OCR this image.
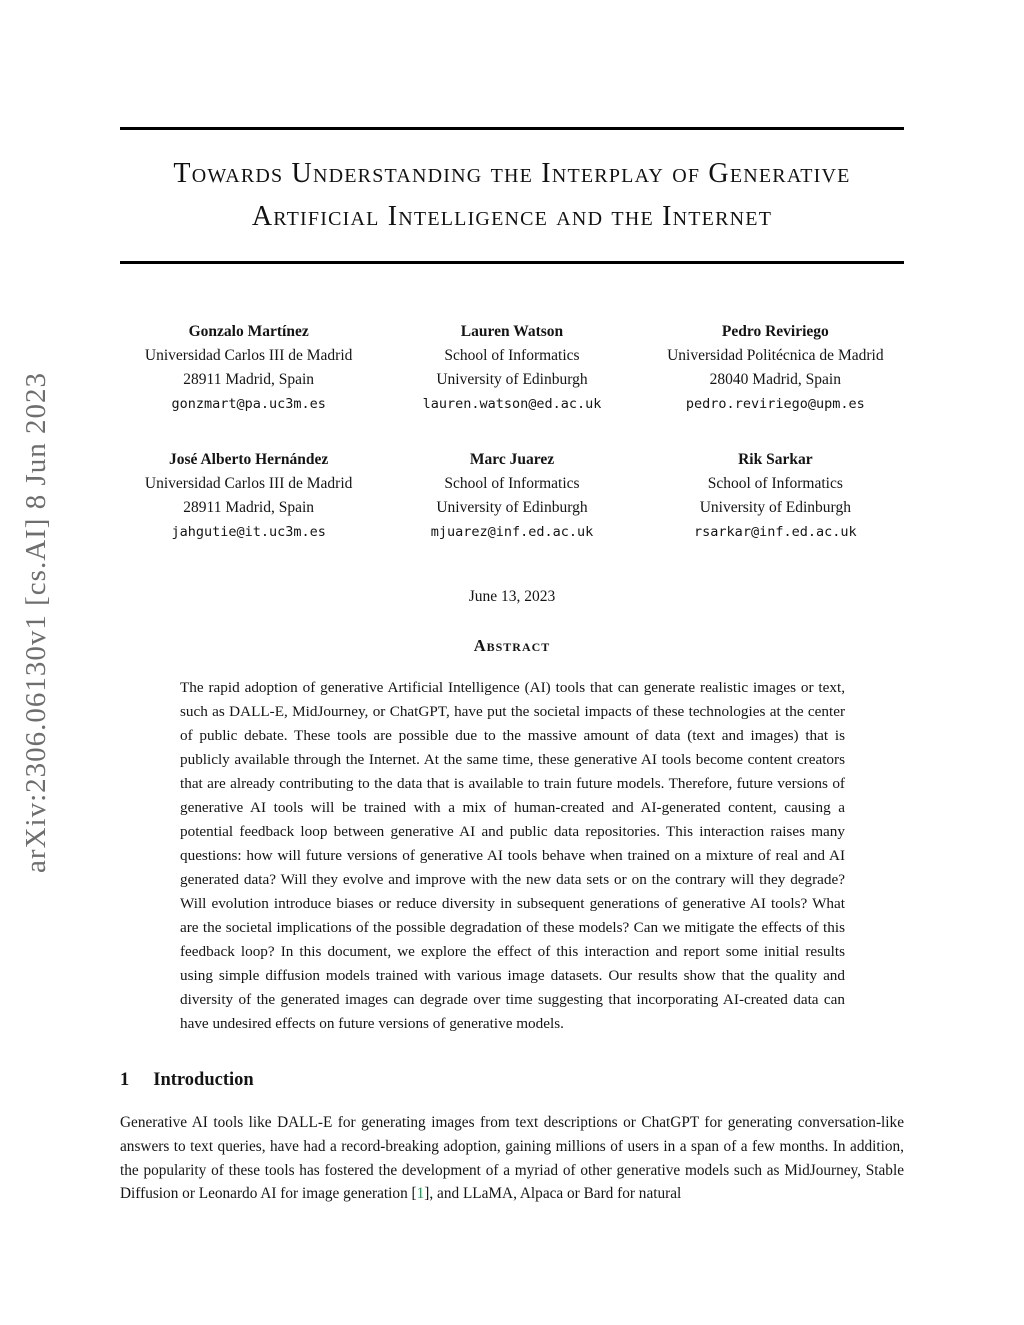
arXiv:2306.06130v1 [cs.AI] 8 Jun 2023
Towards Understanding the Interplay of Generative
Artificial Intelligence and the Internet
Gonzalo Martínez
Universidad Carlos III de Madrid
28911 Madrid, Spain
gonzmart@pa.uc3m.es
Lauren Watson
School of Informatics
University of Edinburgh
lauren.watson@ed.ac.uk
Pedro Reviriego
Universidad Politécnica de Madrid
28040 Madrid, Spain
pedro.reviriego@upm.es
José Alberto Hernández
Universidad Carlos III de Madrid
28911 Madrid, Spain
jahgutie@it.uc3m.es
Marc Juarez
School of Informatics
University of Edinburgh
mjuarez@inf.ed.ac.uk
Rik Sarkar
School of Informatics
University of Edinburgh
rsarkar@inf.ed.ac.uk
June 13, 2023
Abstract

The rapid adoption of generative Artificial Intelligence (AI) tools that can generate realistic images or text, such as DALL-E, MidJourney, or ChatGPT, have put the societal impacts of these technologies at the center of public debate. These tools are possible due to the massive amount of data (text and images) that is publicly available through the Internet. At the same time, these generative AI tools become content creators that are already contributing to the data that is available to train future models. Therefore, future versions of generative AI tools will be trained with a mix of human-created and AI-generated content, causing a potential feedback loop between generative AI and public data repositories. This interaction raises many questions: how will future versions of generative AI tools behave when trained on a mixture of real and AI generated data? Will they evolve and improve with the new data sets or on the contrary will they degrade? Will evolution introduce biases or reduce diversity in subsequent generations of generative AI tools? What are the societal implications of the possible degradation of these models? Can we mitigate the effects of this feedback loop? In this document, we explore the effect of this interaction and report some initial results using simple diffusion models trained with various image datasets. Our results show that the quality and diversity of the generated images can degrade over time suggesting that incorporating AI-created data can have undesired effects on future versions of generative models.

1 Introduction

Generative AI tools like DALL-E for generating images from text descriptions or ChatGPT for generating conversation-like answers to text queries, have had a record-breaking adoption, gaining millions of users in a span of a few months. In addition, the popularity of these tools has fostered the development of a myriad of other generative models such as MidJourney, Stable Diffusion or Leonardo AI for image generation [1], and LLaMA, Alpaca or Bard for natural
